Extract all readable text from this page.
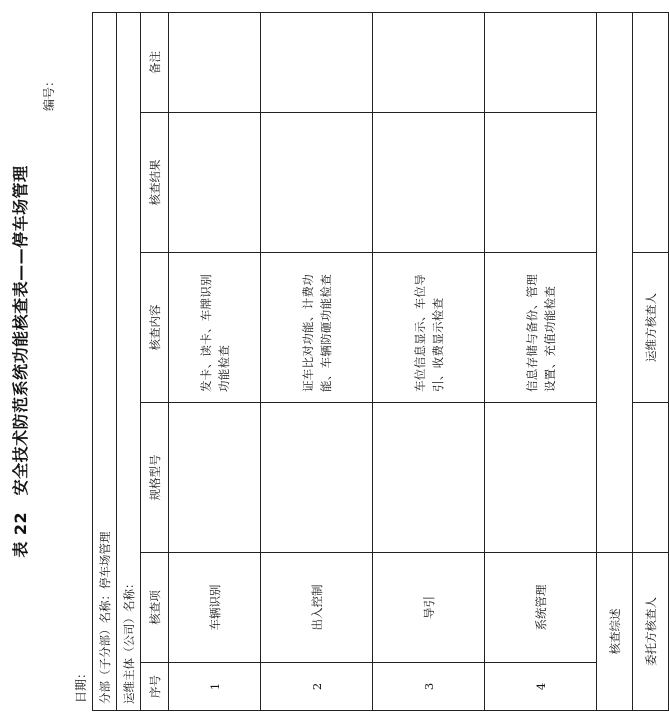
表 22　安全技术防范系统功能核查表——停车场管理
编号：
日期： 分部（子分部）名称：停车场管理					
运维主体（公司）名称：					
序号	核查项	规格型号	核查内容	核查结果	备注
1	车辆识别		发卡、读卡、车牌识别功能检查		
2	出入控制		证车比对功能、计费功能、车辆防砸功能检查		
3	导引		车位信息显示、车位导引、收费显示检查		
4	系统管理		信息存储与备份、管理设置、充值功能检查		
核查综述					
委托方核查人			运维方核查人		
